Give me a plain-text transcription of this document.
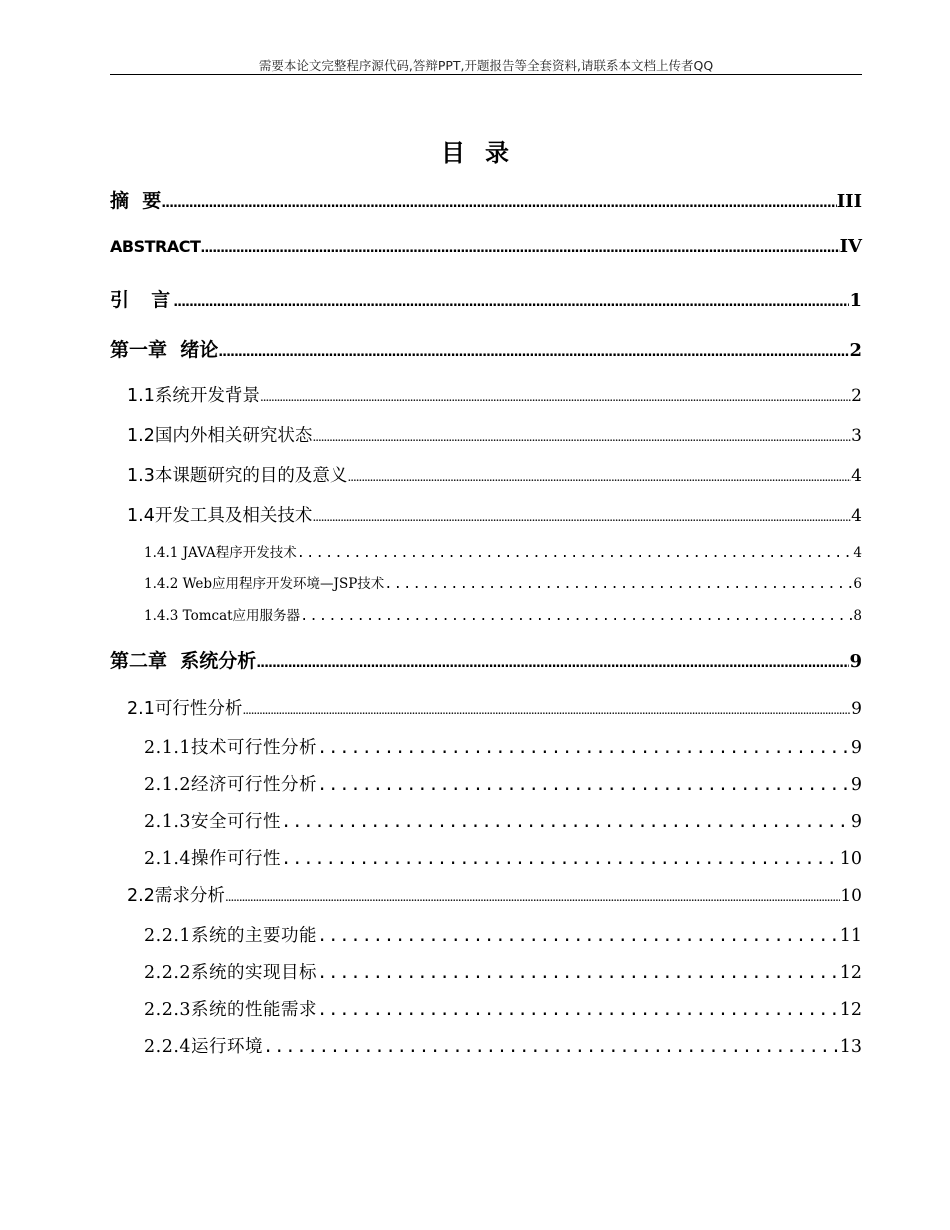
需要本论文完整程序源代码,答辩PPT,开题报告等全套资料,请联系本文档上传者QQ
目录
摘  要 .....	III
ABSTRACT .....	IV
引  言 .....	1
第一章  绪论 .....	2
1.1系统开发背景 .....	2
1.2国内外相关研究状态 .....	3
1.3本课题研究的目的及意义 .....	4
1.4开发工具及相关技术 .....	4
1.4.1 JAVA程序开发技术 .....	4
1.4.2 Web应用程序开发环境—JSP技术 .....	6
1.4.3 Tomcat应用服务器 .....	8
第二章  系统分析 .....	9
2.1可行性分析 .....	9
2.1.1技术可行性分析 .....	9
2.1.2经济可行性分析 .....	9
2.1.3安全可行性 .....	9
2.1.4操作可行性 .....	10
2.2需求分析 .....	10
2.2.1系统的主要功能 .....	11
2.2.2系统的实现目标 .....	12
2.2.3系统的性能需求 .....	12
2.2.4运行环境 .....	13
